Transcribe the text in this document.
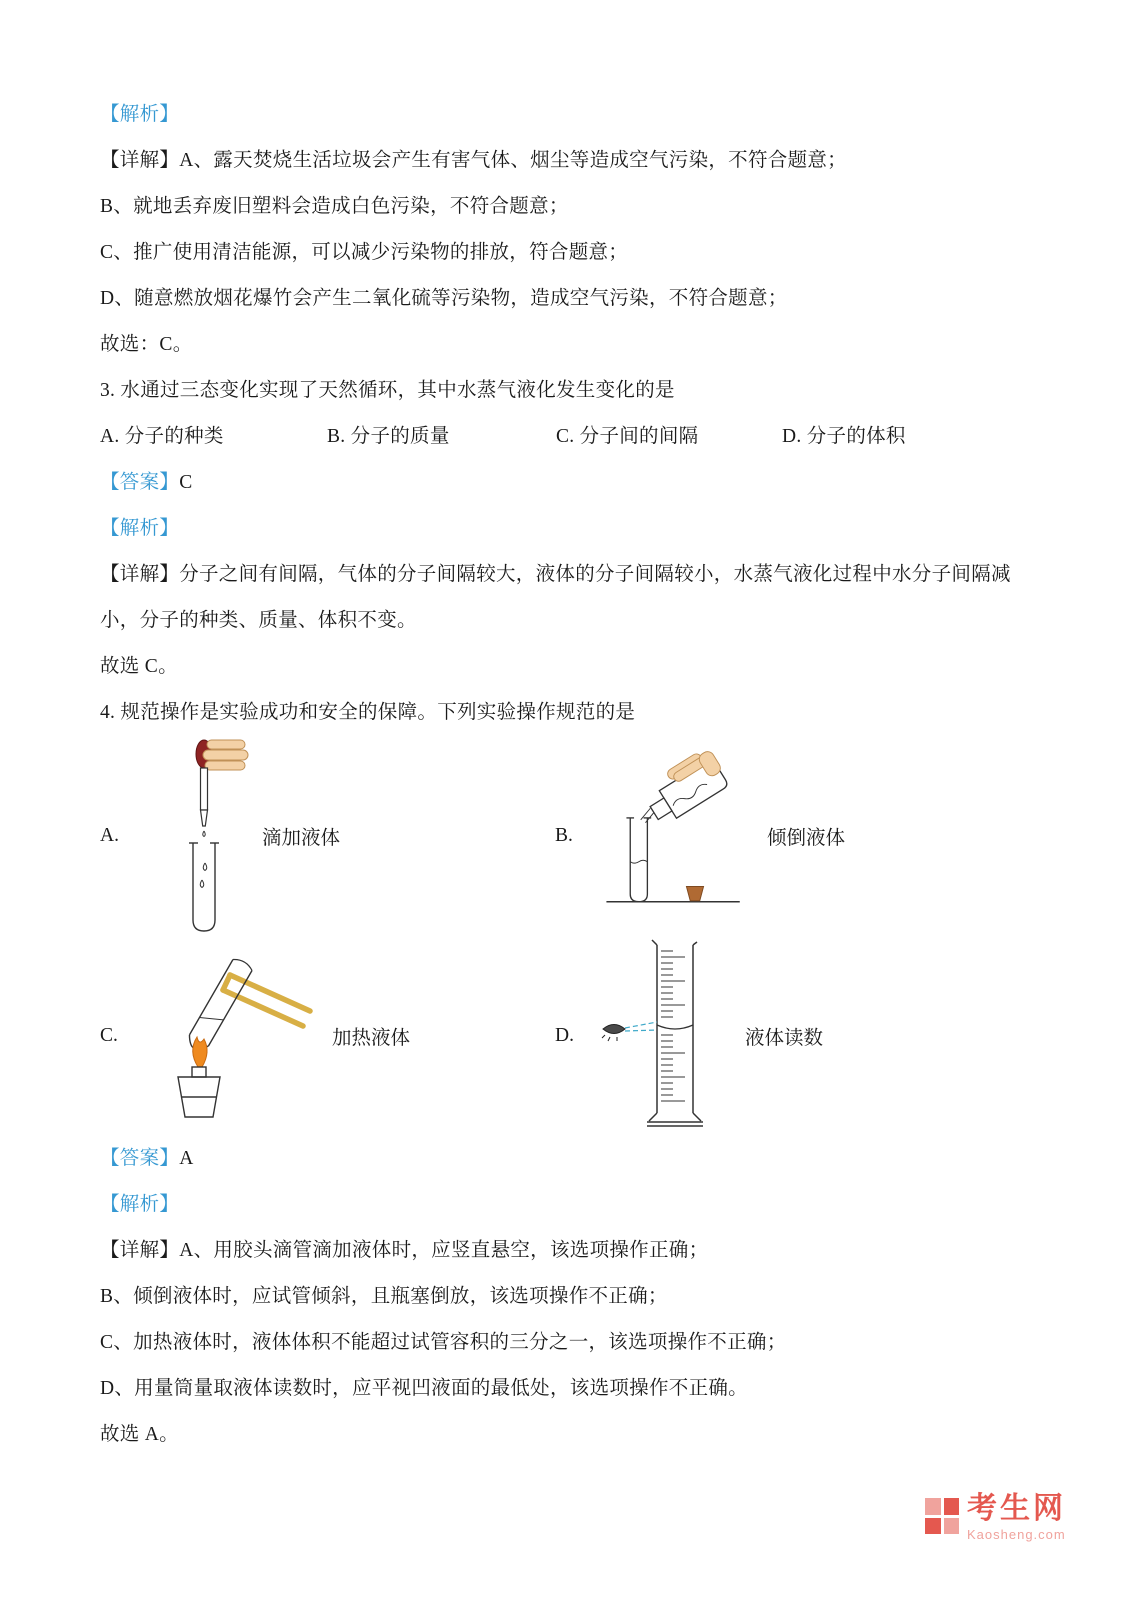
【解析】

【详解】A、露天焚烧生活垃圾会产生有害气体、烟尘等造成空气污染，不符合题意；

B、就地丢弃废旧塑料会造成白色污染，不符合题意；

C、推广使用清洁能源，可以减少污染物的排放，符合题意；

D、随意燃放烟花爆竹会产生二氧化硫等污染物，造成空气污染，不符合题意；

故选：C。

3. 水通过三态变化实现了天然循环，其中水蒸气液化发生变化的是

A. 分子的种类	B. 分子的质量	C. 分子间的间隔	D. 分子的体积

【答案】C

【解析】

【详解】分子之间有间隔，气体的分子间隔较大，液体的分子间隔较小，水蒸气液化过程中水分子间隔减小，分子的种类、质量、体积不变。

故选 C。

4. 规范操作是实验成功和安全的保障。下列实验操作规范的是

A.	滴加液体	B.	倾倒液体
C.	加热液体	D.	液体读数

【答案】A

【解析】

【详解】A、用胶头滴管滴加液体时，应竖直悬空，该选项操作正确；

B、倾倒液体时，应试管倾斜，且瓶塞倒放，该选项操作不正确；

C、加热液体时，液体体积不能超过试管容积的三分之一，该选项操作不正确；

D、用量筒量取液体读数时，应平视凹液面的最低处，该选项操作不正确。

故选 A。

考生网
Kaosheng.com
